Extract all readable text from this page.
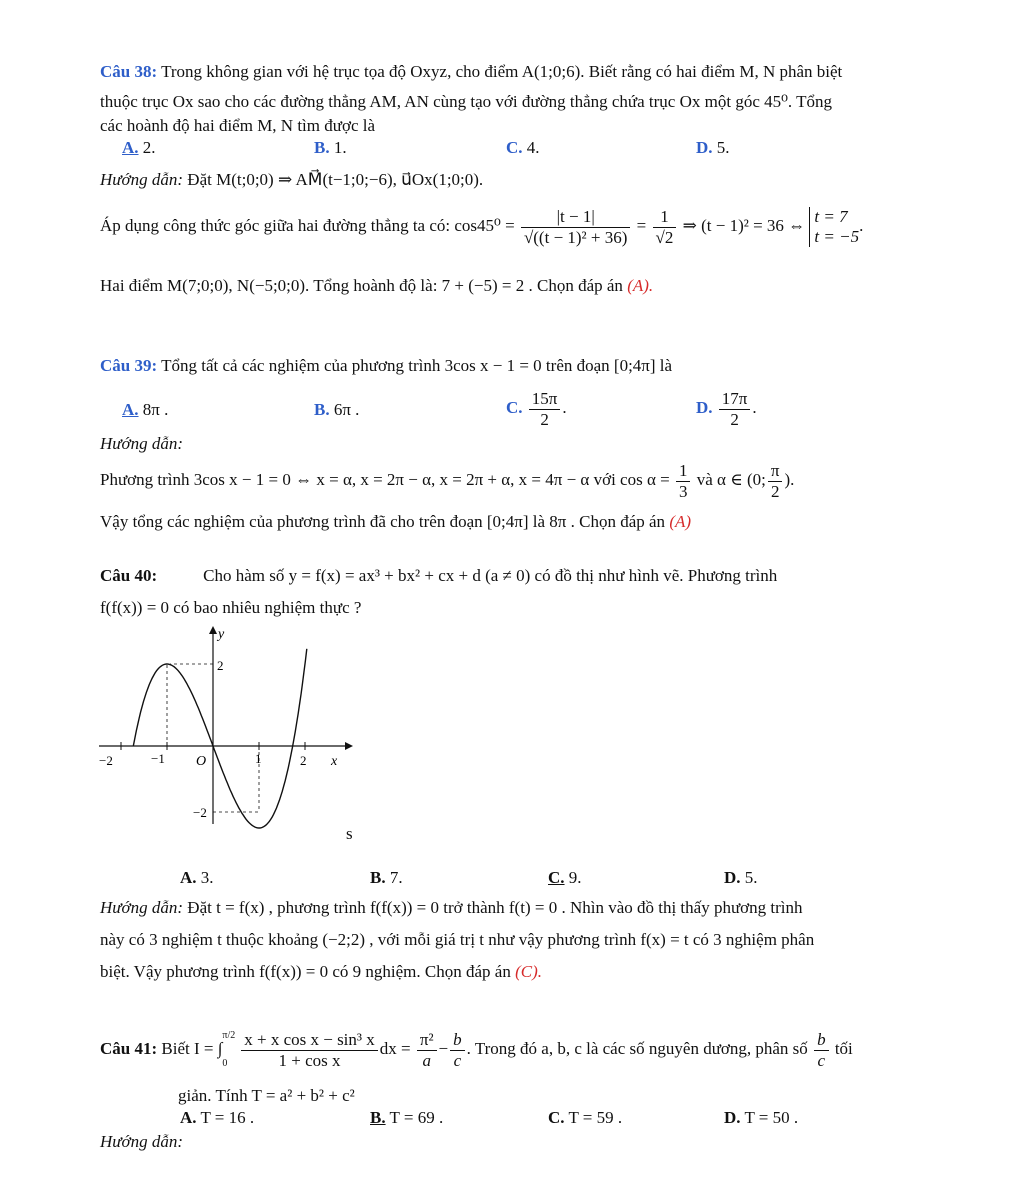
Câu 38: Trong không gian với hệ trục tọa độ Oxyz, cho điểm A(1;0;6). Biết rằng có hai điểm M, N phân biệt
thuộc trục Ox sao cho các đường thẳng AM, AN cùng tạo với đường thẳng chứa trục Ox một góc 45⁰. Tổng
các hoành độ hai điểm M, N tìm được là
A. 2.	B. 1.	C. 4.	D. 5.
Hướng dẫn: Đặt M(t;0;0) ⇒ AM⃗(t−1;0;−6), u⃗Ox(1;0;0).
Áp dụng công thức góc giữa hai đường thẳng ta có: $\cos 45^0 = \frac{|t - 1|}{\text{√((t − 1)² + 36)}} = \frac{1}{√2}$ ⇒ (t − 1)² = 36 ⇔ t = 7
t = −5
.
Hai điểm M(7;0;0), N(−5;0;0). Tổng hoành độ là: 7 + (−5) = 2 . Chọn đáp án (A).
Câu 39: Tổng tất cả các nghiệm của phương trình 3cos x − 1 = 0 trên đoạn [0;4π] là
A. 8π .	B. 6π .	C. $\frac{15\pi}{2}$ .	D. $\frac{17\pi}{2}$ .
Hướng dẫn:
Phương trình 3cos x − 1 = 0 ⇔ x = α, x = 2π − α, x = 2π + α, x = 4π − α với $\cos \alpha = \frac{1}{3}$ và α ∈ (0; $\frac{\pi}{2}$ ).
Vậy tổng các nghiệm của phương trình đã cho trên đoạn [0;4π] là 8π . Chọn đáp án (A)
Câu 40:	Cho hàm số y = f(x) = ax³ + bx² + cx + d (a ≠ 0) có đồ thị như hình vẽ. Phương trình
f(f(x)) = 0 có bao nhiêu nghiệm thực ?
y
x
−2	−1 O	1	2
2
−2
s
A. 3.	B. 7.	C. 9.	D. 5.
Hướng dẫn: Đặt t = f(x) , phương trình f(f(x)) = 0 trở thành f(t) = 0 . Nhìn vào đồ thị thấy phương trình
này có 3 nghiệm t thuộc khoảng (−2;2) , với mỗi giá trị t như vậy phương trình f(x) = t có 3 nghiệm phân
biệt. Vậy phương trình f(f(x)) = 0 có 9 nghiệm. Chọn đáp án (C).
Câu 41: Biết I = ∫
π/2
$0 \frac{\text{x + x cos x − sin³ x}}{\text{1 + cos x}}$ dx = $\frac{\text{π²}}{a} - \frac{b}{c}$ . Trong đó a, b, c là các số nguyên dương, phân số $\frac{b}{c}$ tối
giản. Tính T = a² + b² + c²
A. T = 16 .	B. T = 69 .	C. T = 59 .	D. T = 50 .
Hướng dẫn:
